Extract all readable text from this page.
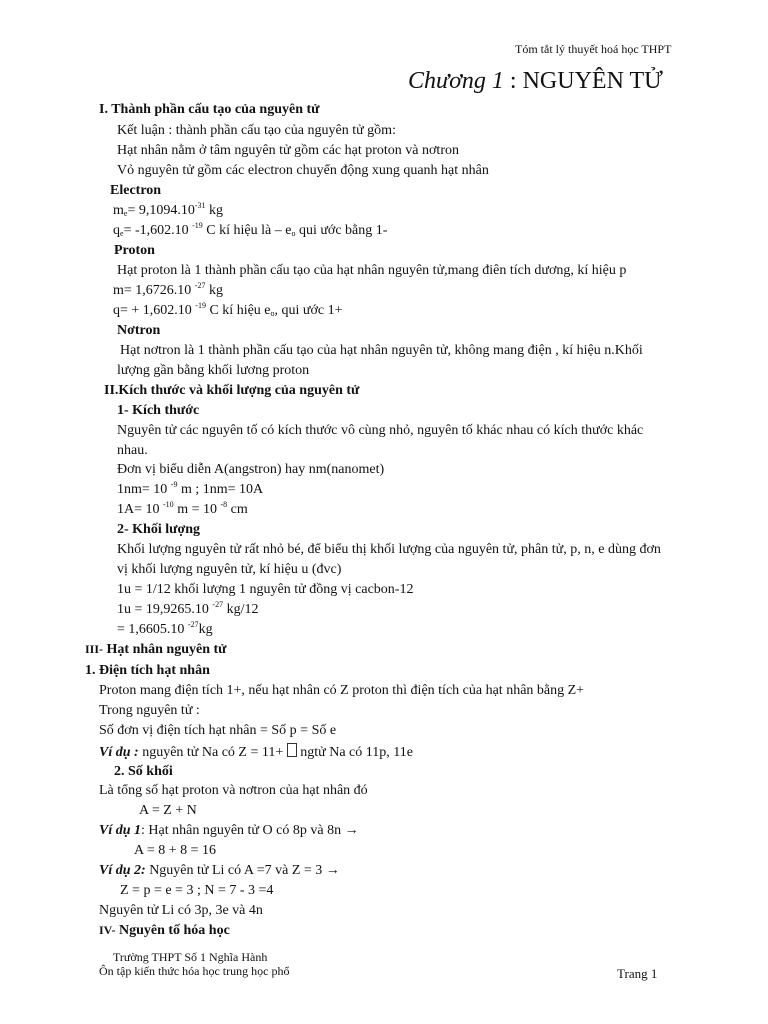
Tóm tắt lý thuyết hoá học THPT
Chương 1 : NGUYÊN TỬ
I. Thành phần cấu tạo của nguyên tử
Kết luận : thành phần cấu tạo của nguyên tử gồm:
Hạt nhân nằm ở tâm nguyên tử gồm các hạt proton và nơtron
Vỏ nguyên tử gồm các electron chuyển động xung quanh hạt nhân
Electron
$m_e= 9,1094.10^{-31}$ kg
$q_e= -1,602.10$ $^{-19}$ C kí hiệu là – $e_o$ qui ước bằng 1-
Proton
Hạt proton là 1 thành phần cấu tạo của hạt nhân nguyên tử,mang điên tích dương, kí hiệu p
m= 1,6726.10 $^{-27}$ kg
q= + 1,602.10 $^{-19}$ C kí hiệu $e_o$, qui ước 1+
Nơtron
Hạt nơtron là 1 thành phần cấu tạo của hạt nhân nguyên tử, không mang điện , kí hiệu n.Khối
lượng gần bằng khối lương proton
II.Kích thước và khối lượng của nguyên tử
1- Kích thước
Nguyên tử các nguyên tố có kích thước vô cùng nhỏ, nguyên tố khác nhau có kích thước khác
nhau.
Đơn vị biểu diễn A(angstron) hay nm(nanomet)
1nm= 10 $^{-9}$ m ; 1nm= 10A
1A= 10 $^{-10}$ m = 10 $^{-8}$ cm
2- Khối lượng
Khối lượng nguyên tử rất nhỏ bé, để biểu thị khối lượng của nguyên tử, phân tử, p, n, e dùng đơn
vị khối lượng nguyên tử, kí hiệu u (đvc)
1u = 1/12 khối lượng 1 nguyên tử đồng vị cacbon-12
1u = 19,9265.10 $^{-27}$ kg/12
= 1,6605.10 $^{-27}$kg
III- Hạt nhân nguyên tử
1. Điện tích hạt nhân
Proton mang điện tích 1+, nếu hạt nhân có Z proton thì điện tích của hạt nhân bằng Z+
Trong nguyên tử :
Số đơn vị điện tích hạt nhân = Số p = Số e
Ví dụ : nguyên tử Na có Z = 11+  ngtử Na có 11p, 11e
2. Số khối
Là tổng số hạt proton và nơtron của hạt nhân đó
A = Z + N
Ví dụ 1: Hạt nhân nguyên tử O có 8p và 8n →
A = 8 + 8 = 16
Ví dụ 2: Nguyên tử Li có A =7 và Z = 3 →
Z = p = e = 3 ; N = 7 - 3 =4
Nguyên tử Li có 3p, 3e và 4n
IV- Nguyên tố hóa học
Trường THPT Số 1 Nghĩa Hành
Ôn tập kiến thức hóa học trung học phổ	Trang 1
